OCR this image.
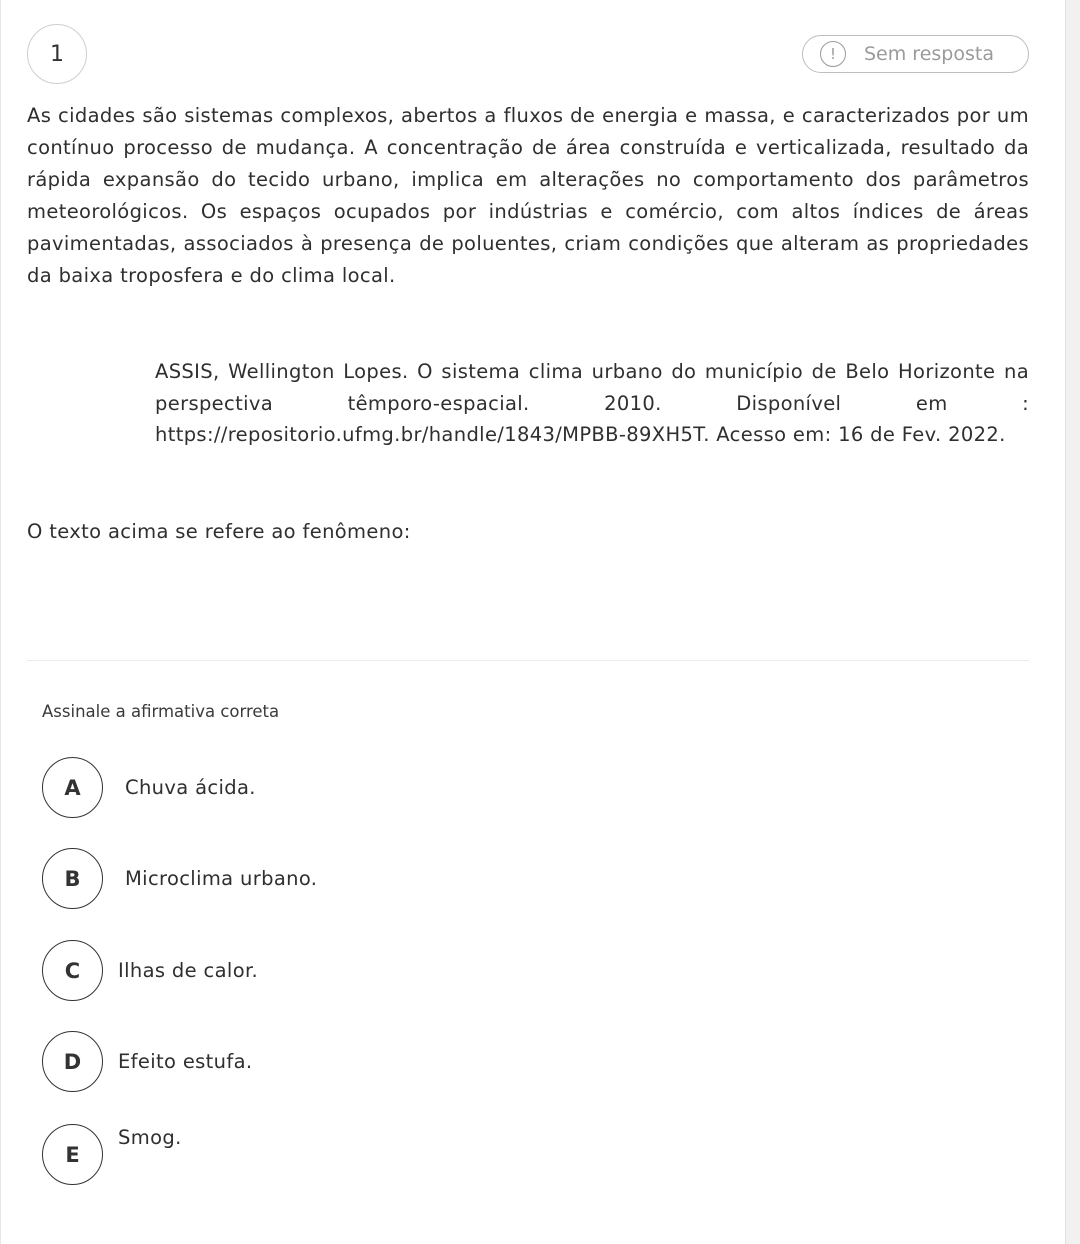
1	!	Sem resposta

As cidades são sistemas complexos, abertos a fluxos de energia e massa, e caracterizados por um contínuo processo de mudança. A concentração de área construída e verticalizada, resultado da rápida expansão do tecido urbano, implica em alterações no comportamento dos parâmetros meteorológicos. Os espaços ocupados por indústrias e comércio, com altos índices de áreas pavimentadas, associados à presença de poluentes, criam condições que alteram as propriedades da baixa troposfera e do clima local.

ASSIS, Wellington Lopes. O sistema clima urbano do município de Belo Horizonte na perspectiva têmporo-espacial. 2010. Disponível em : https://repositorio.ufmg.br/handle/1843/MPBB-89XH5T. Acesso em: 16 de Fev. 2022.

O texto acima se refere ao fenômeno:

Assinale a afirmativa correta
A	Chuva ácida.
B	Microclima urbano.
C	Ilhas de calor.
D	Efeito estufa.
E
Smog.
